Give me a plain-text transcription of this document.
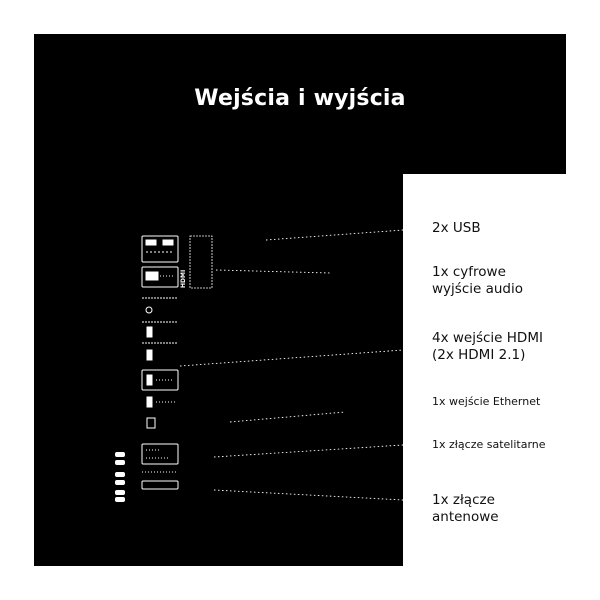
Wejścia i wyjścia
HDMI
2x USB
1x cyfrowe
wyjście audio
4x wejście HDMI
(2x HDMI 2.1)
1x wejście Ethernet
1x złącze satelitarne
1x złącze
antenowe
